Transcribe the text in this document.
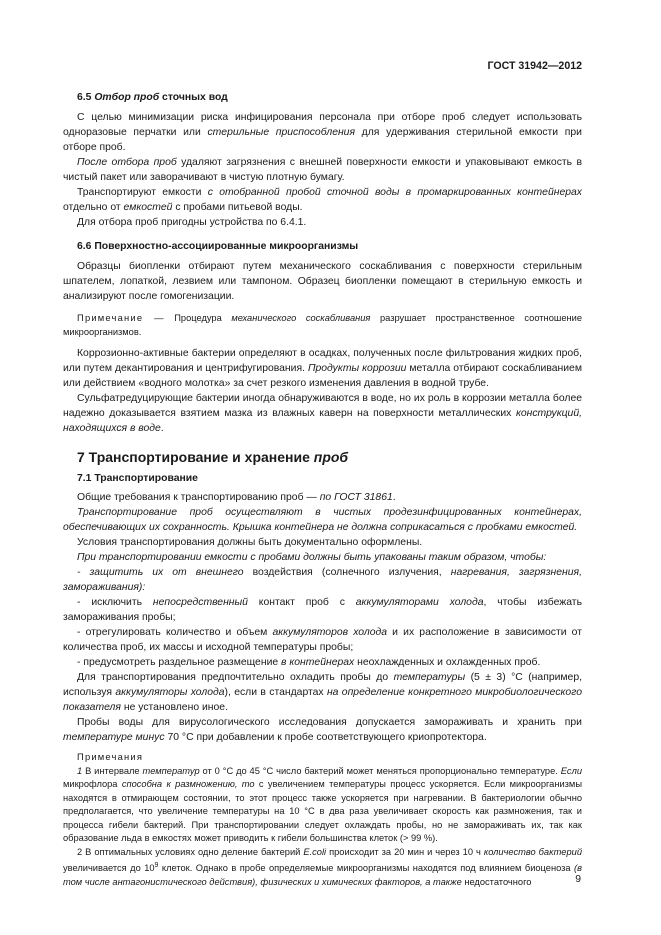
ГОСТ 31942—2012
6.5 Отбор проб сточных вод

С целью минимизации риска инфицирования персонала при отборе проб следует использовать одноразовые перчатки или стерильные приспособления для удерживания стерильной емкости при отборе проб.

После отбора проб удаляют загрязнения с внешней поверхности емкости и упаковывают емкость в чистый пакет или заворачивают в чистую плотную бумагу.

Транспортируют емкости с отобранной пробой сточной воды в промаркированных контейнерах отдельно от емкостей с пробами питьевой воды.

Для отбора проб пригодны устройства по 6.4.1.

6.6 Поверхностно-ассоциированные микроорганизмы

Образцы биопленки отбирают путем механического соскабливания с поверхности стерильным шпателем, лопаткой, лезвием или тампоном. Образец биопленки помещают в стерильную емкость и анализируют после гомогенизации.

Примечание — Процедура механического соскабливания разрушает пространственное соотношение микроорганизмов.

Коррозионно-активные бактерии определяют в осадках, полученных после фильтрования жидких проб, или путем декантирования и центрифугирования. Продукты коррозии металла отбирают соскабливанием или действием «водного молотка» за счет резкого изменения давления в водной трубе.

Сульфатредуцирующие бактерии иногда обнаруживаются в воде, но их роль в коррозии металла более надежно доказывается взятием мазка из влажных каверн на поверхности металлических конструкций, находящихся в воде.

7 Транспортирование и хранение проб
7.1 Транспортирование

Общие требования к транспортированию проб — по ГОСТ 31861.

Транспортирование проб осуществляют в чистых продезинфицированных контейнерах, обеспечивающих их сохранность. Крышка контейнера не должна соприкасаться с пробками емкостей.

Условия транспортирования должны быть документально оформлены.

При транспортировании емкости с пробами должны быть упакованы таким образом, чтобы:

- защитить их от внешнего воздействия (солнечного излучения, нагревания, загрязнения, замораживания):

- исключить непосредственный контакт проб с аккумуляторами холода, чтобы избежать замораживания пробы;

- отрегулировать количество и объем аккумуляторов холода и их расположение в зависимости от количества проб, их массы и исходной температуры пробы;

- предусмотреть раздельное размещение в контейнерах неохлажденных и охлажденных проб.

Для транспортирования предпочтительно охладить пробы до температуры (5 ± 3) °С (например, используя аккумуляторы холода), если в стандартах на определение конкретного микробиологического показателя не установлено иное.

Пробы воды для вирусологического исследования допускается замораживать и хранить при температуре минус 70 °С при добавлении к пробе соответствующего криопротектора.

Примечания

1 В интервале температур от 0 °С до 45 °С число бактерий может меняться пропорционально температуре. Если микрофлора способна к размножению, то с увеличением температуры процесс ускоряется. Если микроорганизмы находятся в отмирающем состоянии, то этот процесс также ускоряется при нагревании. В бактериологии обычно предполагается, что увеличение температуры на 10 °С в два раза увеличивает скорость как размножения, так и процесса гибели бактерий. При транспортировании следует охлаждать пробы, но не замораживать их, так как образование льда в емкостях может приводить к гибели большинства клеток (> 99 %).

2 В оптимальных условиях одно деление бактерий E.coli происходит за 20 мин и через 10 ч количество бактерий увеличивается до $10^9$ клеток. Однако в пробе определяемые микроорганизмы находятся под влиянием биоценоза (в том числе антагонистического действия), физических и химических факторов, а также недостаточного	9
